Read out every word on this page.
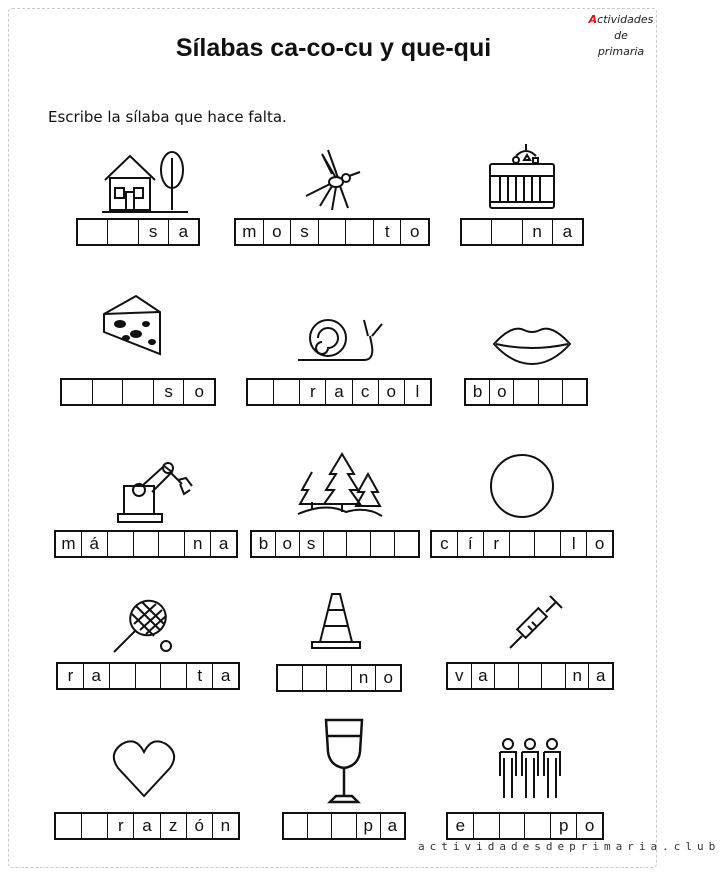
Actividades de
primaria
Sílabas ca-co-cu y que-qui
Escribe la sílaba que hace falta.
s	a	m o	s	t	o	n	a
s	o	r	a	c	o	l	b o
m á	n a	b o s	c	í	r	l	o
r	a	t	a	n o	v a	n a
r	a	z	ó n	p a	e	p o
actividadesdeprimaria.club
